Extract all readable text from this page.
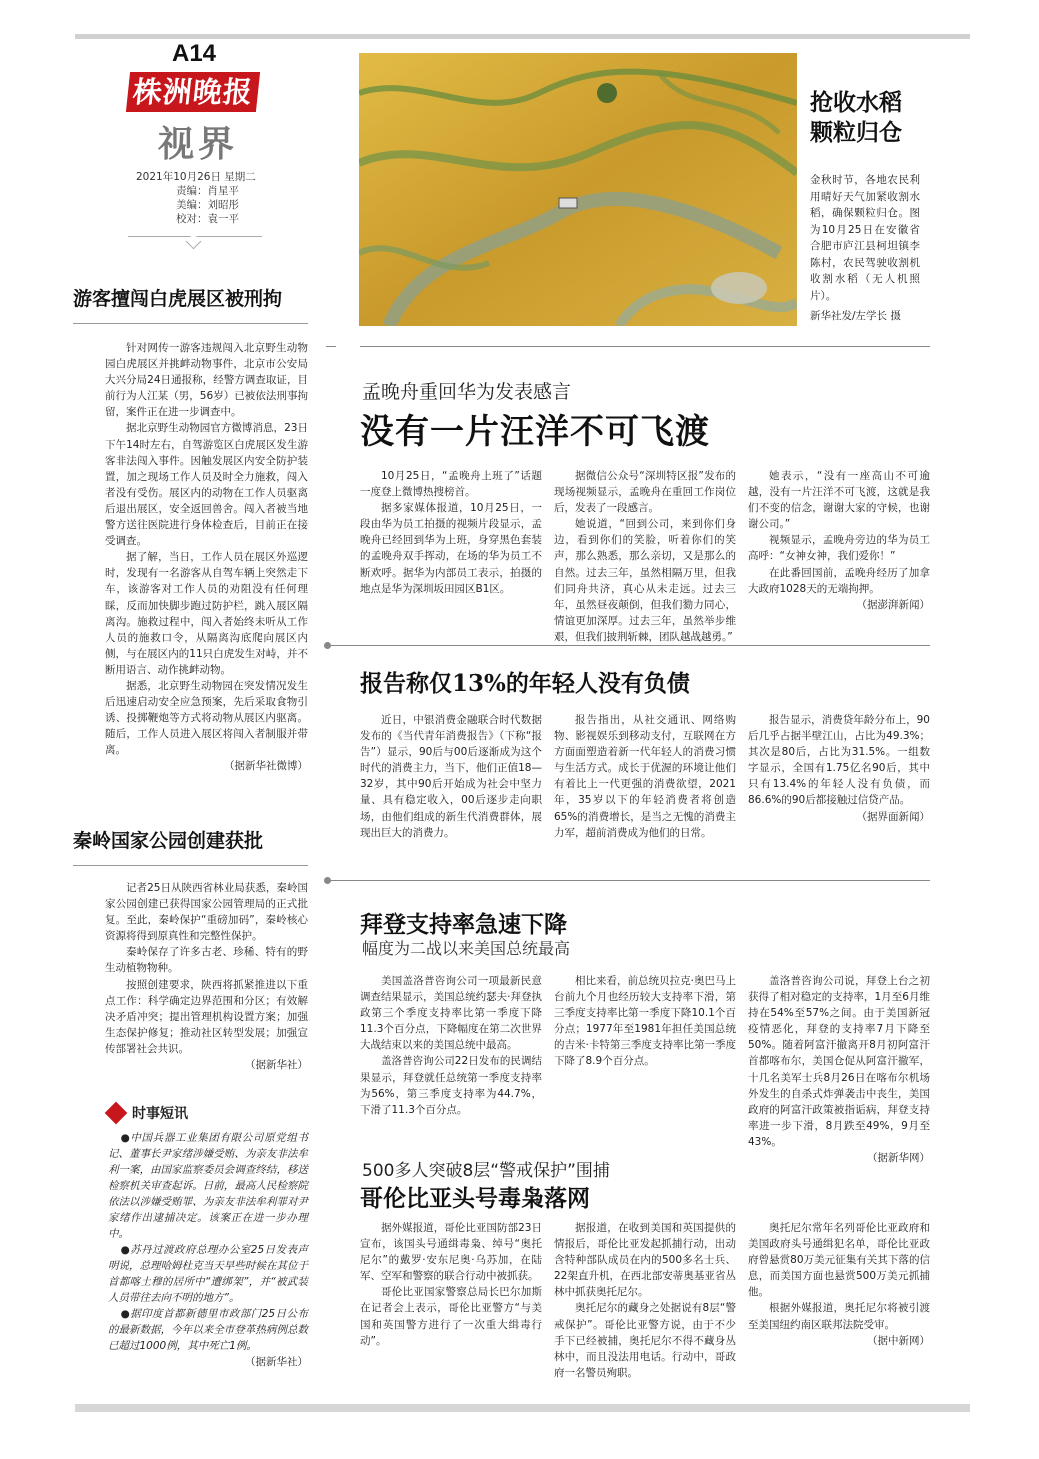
A14
株洲晚报
视界
2021年10月26日 星期二
责编：肖星平
美编：刘昭彤
校对：袁一平
抢收水稻
颗粒归仓
金秋时节，各地农民利用晴好天气加紧收割水稻，确保颗粒归仓。图为10月25日在安徽省合肥市庐江县柯坦镇李陈村，农民驾驶收割机收割水稻（无人机照片）。
新华社发/左学长 摄
游客擅闯白虎展区被刑拘

针对网传一游客违规闯入北京野生动物园白虎展区并挑衅动物事件，北京市公安局大兴分局24日通报称，经警方调查取证，目前行为人江某（男，56岁）已被依法刑事拘留，案件正在进一步调查中。

据北京野生动物园官方微博消息，23日下午14时左右，自驾游览区白虎展区发生游客非法闯入事件。因触发展区内安全防护装置，加之现场工作人员及时全力施救，闯入者没有受伤。展区内的动物在工作人员驱离后退出展区，安全返回兽舍。闯入者被当地警方送往医院进行身体检查后，目前正在接受调查。

据了解，当日，工作人员在展区外巡逻时，发现有一名游客从自驾车辆上突然走下车，该游客对工作人员的劝阻没有任何理睬，反而加快脚步跑过防护栏，跳入展区隔离沟。施救过程中，闯入者始终未听从工作人员的施救口令，从隔离沟底爬向展区内侧，与在展区内的11只白虎发生对峙，并不断用语言、动作挑衅动物。

据悉，北京野生动物园在突发情况发生后迅速启动安全应急预案，先后采取食物引诱、投掷鞭炮等方式将动物从展区内驱离。随后，工作人员进入展区将闯入者制服并带离。

（据新华社微博）
秦岭国家公园创建获批

记者25日从陕西省林业局获悉，秦岭国家公园创建已获得国家公园管理局的正式批复。至此，秦岭保护“重磅加码”，秦岭核心资源将得到原真性和完整性保护。

秦岭保存了许多古老、珍稀、特有的野生动植物物种。

按照创建要求，陕西将抓紧推进以下重点工作：科学确定边界范围和分区；有效解决矛盾冲突；提出管理机构设置方案；加强生态保护修复；推动社区转型发展；加强宣传部署社会共识。

（据新华社）
时事短讯

●中国兵器工业集团有限公司原党组书记、董事长尹家绪涉嫌受贿、为亲友非法牟利一案，由国家监察委员会调查终结，移送检察机关审查起诉。日前，最高人民检察院依法以涉嫌受贿罪、为亲友非法牟利罪对尹家绪作出逮捕决定。该案正在进一步办理中。

●苏丹过渡政府总理办公室25日发表声明说，总理哈姆杜克当天早些时候在其位于首都喀土穆的居所中“遭绑架”，并“被武装人员带往去向不明的地方”。

●据印度首都新德里市政部门25日公布的最新数据，今年以来全市登革热病例总数已超过1000例，其中死亡1例。

（据新华社）
孟晚舟重回华为发表感言
没有一片汪洋不可飞渡

10月25日，“孟晚舟上班了”话题一度登上微博热搜榜首。

据多家媒体报道，10月25日，一段由华为员工拍摄的视频片段显示，孟晚舟已经回到华为上班，身穿黑色套装的孟晚舟双手挥动，在场的华为员工不断欢呼。据华为内部员工表示，拍摄的地点是华为深圳坂田园区B1区。

据微信公众号“深圳特区报”发布的现场视频显示，孟晚舟在重回工作岗位后，发表了一段感言。

她说道，“回到公司，来到你们身边，看到你们的笑脸，听着你们的笑声，那么熟悉，那么亲切，又是那么的自然。过去三年，虽然相隔万里，但我们同舟共济，真心从未走远。过去三年，虽然昼夜颠倒，但我们勠力同心，情谊更加深厚。过去三年，虽然举步维艰，但我们披荆斩棘，团队越战越勇。”

她表示，“没有一座高山不可逾越，没有一片汪洋不可飞渡，这就是我们不变的信念，谢谢大家的守候，也谢谢公司。”

视频显示，孟晚舟旁边的华为员工高呼：“女神女神，我们爱你！”

在此番回国前，孟晚舟经历了加拿大政府1028天的无端拘押。

（据澎湃新闻）
报告称仅13%的年轻人没有负债

近日，中银消费金融联合时代数据发布的《当代青年消费报告》（下称“报告”）显示，90后与00后逐渐成为这个时代的消费主力，当下，他们正值18—32岁，其中90后开始成为社会中坚力量、具有稳定收入，00后逐步走向职场，由他们组成的新生代消费群体，展现出巨大的消费力。

报告指出，从社交通讯、网络购物、影视娱乐到移动支付，互联网在方方面面塑造着新一代年轻人的消费习惯与生活方式。成长于优渥的环境让他们有着比上一代更强的消费欲望，2021年，35岁以下的年轻消费者将创造65%的消费增长，是当之无愧的消费主力军，超前消费成为他们的日常。

报告显示，消费贷年龄分布上，90后几乎占据半壁江山，占比为49.3%；其次是80后，占比为31.5%。一组数字显示，全国有1.75亿名90后，其中只有13.4%的年轻人没有负债，而86.6%的90后都接触过信贷产品。

（据界面新闻）
拜登支持率急速下降
幅度为二战以来美国总统最高

美国盖洛普咨询公司一项最新民意调查结果显示，美国总统约瑟夫·拜登执政第三个季度支持率比第一季度下降11.3个百分点，下降幅度在第二次世界大战结束以来的美国总统中最高。

盖洛普咨询公司22日发布的民调结果显示，拜登就任总统第一季度支持率为56%，第三季度支持率为44.7%，下滑了11.3个百分点。

相比来看，前总统贝拉克·奥巴马上台前九个月也经历较大支持率下滑，第三季度支持率比第一季度下降10.1个百分点；1977年至1981年担任美国总统的吉米·卡特第三季度支持率比第一季度下降了8.9个百分点。

盖洛普咨询公司说，拜登上台之初获得了相对稳定的支持率，1月至6月维持在54%至57%之间。由于美国新冠疫情恶化，拜登的支持率7月下降至50%。随着阿富汗撤离开8月初阿富汗首都喀布尔，美国仓促从阿富汗撤军，十几名美军士兵8月26日在喀布尔机场外发生的自杀式炸弹袭击中丧生，美国政府的阿富汗政策被指诟病，拜登支持率进一步下滑，8月跌至49%，9月至43%。

（据新华网）
500多人突破8层“警戒保护”围捕
哥伦比亚头号毒枭落网

据外媒报道，哥伦比亚国防部23日宣布，该国头号通缉毒枭、绰号“奥托尼尔”的戴罗·安东尼奥·乌苏加，在陆军、空军和警察的联合行动中被抓获。

哥伦比亚国家警察总局长巴尔加斯在记者会上表示，哥伦比亚警方“与美国和英国警方进行了一次重大缉毒行动”。

据报道，在收到美国和英国提供的情报后，哥伦比亚发起抓捕行动，出动含特种部队成员在内的500多名士兵、22架直升机，在西北部安蒂奥基亚省丛林中抓获奥托尼尔。

奥托尼尔的藏身之处据说有8层“警戒保护”。哥伦比亚警方说，由于不少手下已经被捕，奥托尼尔不得不藏身丛林中，而且没法用电话。行动中，哥政府一名警员殉职。

奥托尼尔常年名列哥伦比亚政府和美国政府头号通缉犯名单，哥伦比亚政府曾悬赏80万美元征集有关其下落的信息，而美国方面也悬赏500万美元抓捕他。

根据外媒报道，奥托尼尔将被引渡至美国纽约南区联邦法院受审。

（据中新网）
